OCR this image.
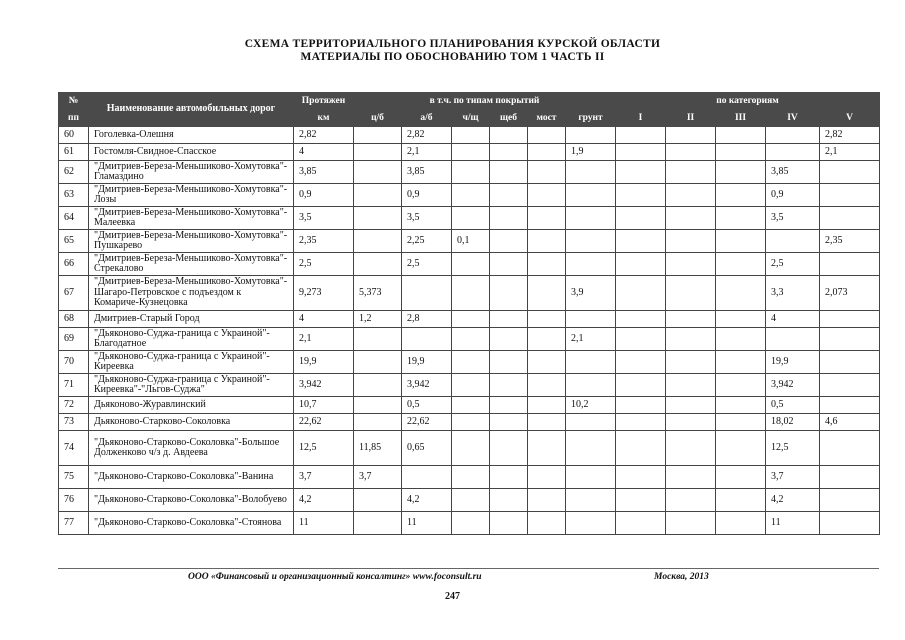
СХЕМА ТЕРРИТОРИАЛЬНОГО ПЛАНИРОВАНИЯ КУРСКОЙ ОБЛАСТИ
МАТЕРИАЛЫ ПО ОБОСНОВАНИЮ ТОМ 1 ЧАСТЬ II
№	Наименование автомобильных дорог	Протяжен	в т.ч. по типам покрытий						по категориям				
пп		км	ц/б	а/б	ч/щ	щеб	мост	грунт	I	II	III	IV	V
60	Гоголевка-Олешня	2,82		2,82									2,82
61	Гостомля-Свидное-Спасское	4		2,1				1,9					2,1
62	"Дмитриев-Береза-Меньшиково-Хомутовка"-Гламаздино	3,85		3,85								3,85	
63	"Дмитриев-Береза-Меньшиково-Хомутовка"-Лозы	0,9		0,9								0,9	
64	"Дмитриев-Береза-Меньшиково-Хомутовка"-Малеевка	3,5		3,5								3,5	
65	"Дмитриев-Береза-Меньшиково-Хомутовка"-Пушкарево	2,35		2,25	0,1								2,35
66	"Дмитриев-Береза-Меньшиково-Хомутовка"-Стрекалово	2,5		2,5								2,5	
67	"Дмитриев-Береза-Меньшиково-Хомутовка"-Шагаро-Петровское с подъездом к Комаричe-Кузнецовка	9,273	5,373					3,9				3,3	2,073
68	Дмитриев-Старый Город	4	1,2	2,8								4	
69	"Дьяконово-Суджа-граница с Украиной"-Благодатное	2,1						2,1					
70	"Дьяконово-Суджа-граница с Украиной"-Киреевка	19,9		19,9								19,9	
71	"Дьяконово-Суджа-граница с Украиной"-Киреевка"-"Льгов-Суджа"	3,942		3,942								3,942	
72	Дьяконово-Журавлинский	10,7		0,5				10,2				0,5	
73	Дьяконово-Старково-Соколовка	22,62		22,62								18,02	4,6
74	"Дьяконово-Старково-Соколовка"-Большое Долженково ч/з д. Авдеева	12,5	11,85	0,65								12,5	
75	"Дьяконово-Старково-Соколовка"-Ванина	3,7	3,7									3,7	
76	"Дьяконово-Старково-Соколовка"-Волобуево	4,2		4,2								4,2	
77	"Дьяконово-Старково-Соколовка"-Стоянова	11		11								11	
ООО «Финансовый и организационный консалтинг» www.foconsult.ru	Москва, 2013
247
